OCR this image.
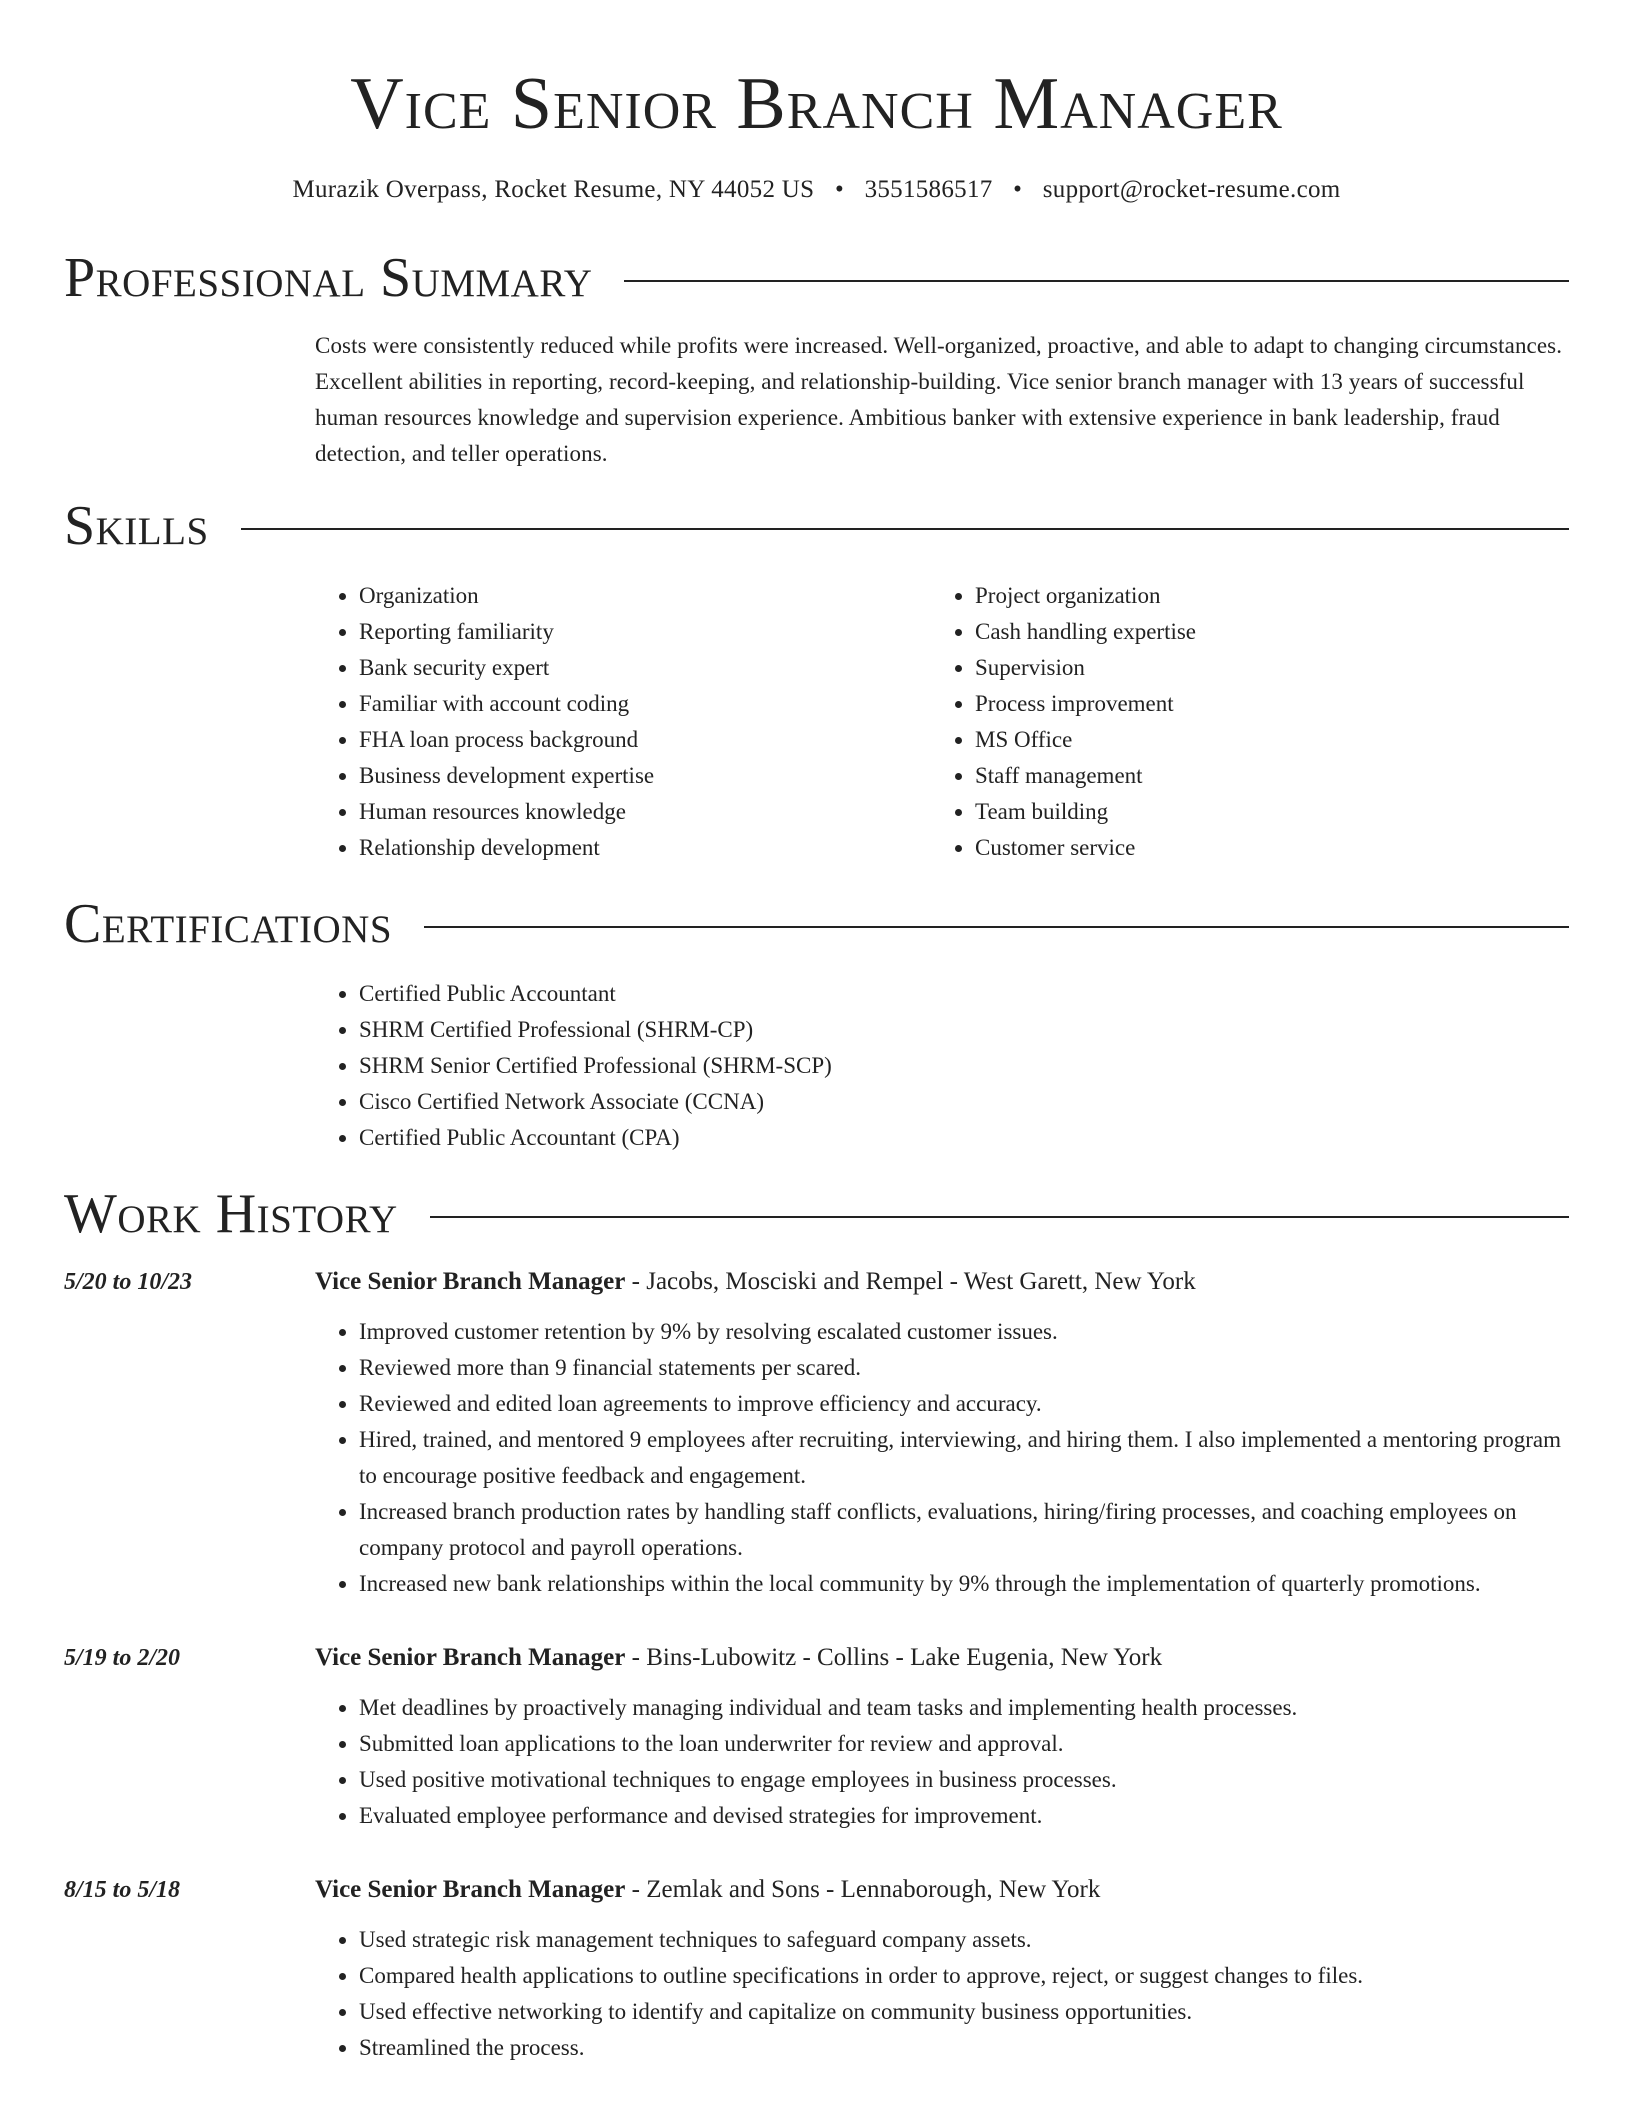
Vice Senior Branch Manager
Murazik Overpass, Rocket Resume, NY 44052 US • 3551586517 • support@rocket-resume.com
Professional Summary
Costs were consistently reduced while profits were increased. Well-organized, proactive, and able to adapt to changing circumstances. Excellent abilities in reporting, record-keeping, and relationship-building. Vice senior branch manager with 13 years of successful human resources knowledge and supervision experience. Ambitious banker with extensive experience in bank leadership, fraud detection, and teller operations.
Skills
• Organization
• Reporting familiarity
• Bank security expert
• Familiar with account coding
• FHA loan process background
• Business development expertise
• Human resources knowledge
• Relationship development
• Project organization
• Cash handling expertise
• Supervision
• Process improvement
• MS Office
• Staff management
• Team building
• Customer service
Certifications
• Certified Public Accountant
• SHRM Certified Professional (SHRM-CP)
• SHRM Senior Certified Professional (SHRM-SCP)
• Cisco Certified Network Associate (CCNA)
• Certified Public Accountant (CPA)
Work History
5/20 to 10/23	Vice Senior Branch Manager - Jacobs, Mosciski and Rempel - West Garett, New York
• Improved customer retention by 9% by resolving escalated customer issues.
• Reviewed more than 9 financial statements per scared.
• Reviewed and edited loan agreements to improve efficiency and accuracy.
• Hired, trained, and mentored 9 employees after recruiting, interviewing, and hiring them. I also implemented a mentoring program to encourage positive feedback and engagement.
• Increased branch production rates by handling staff conflicts, evaluations, hiring/firing processes, and coaching employees on company protocol and payroll operations.
• Increased new bank relationships within the local community by 9% through the implementation of quarterly promotions.
5/19 to 2/20	Vice Senior Branch Manager - Bins-Lubowitz - Collins - Lake Eugenia, New York
• Met deadlines by proactively managing individual and team tasks and implementing health processes.
• Submitted loan applications to the loan underwriter for review and approval.
• Used positive motivational techniques to engage employees in business processes.
• Evaluated employee performance and devised strategies for improvement.
8/15 to 5/18	Vice Senior Branch Manager - Zemlak and Sons - Lennaborough, New York
• Used strategic risk management techniques to safeguard company assets.
• Compared health applications to outline specifications in order to approve, reject, or suggest changes to files.
• Used effective networking to identify and capitalize on community business opportunities.
• Streamlined the process.
